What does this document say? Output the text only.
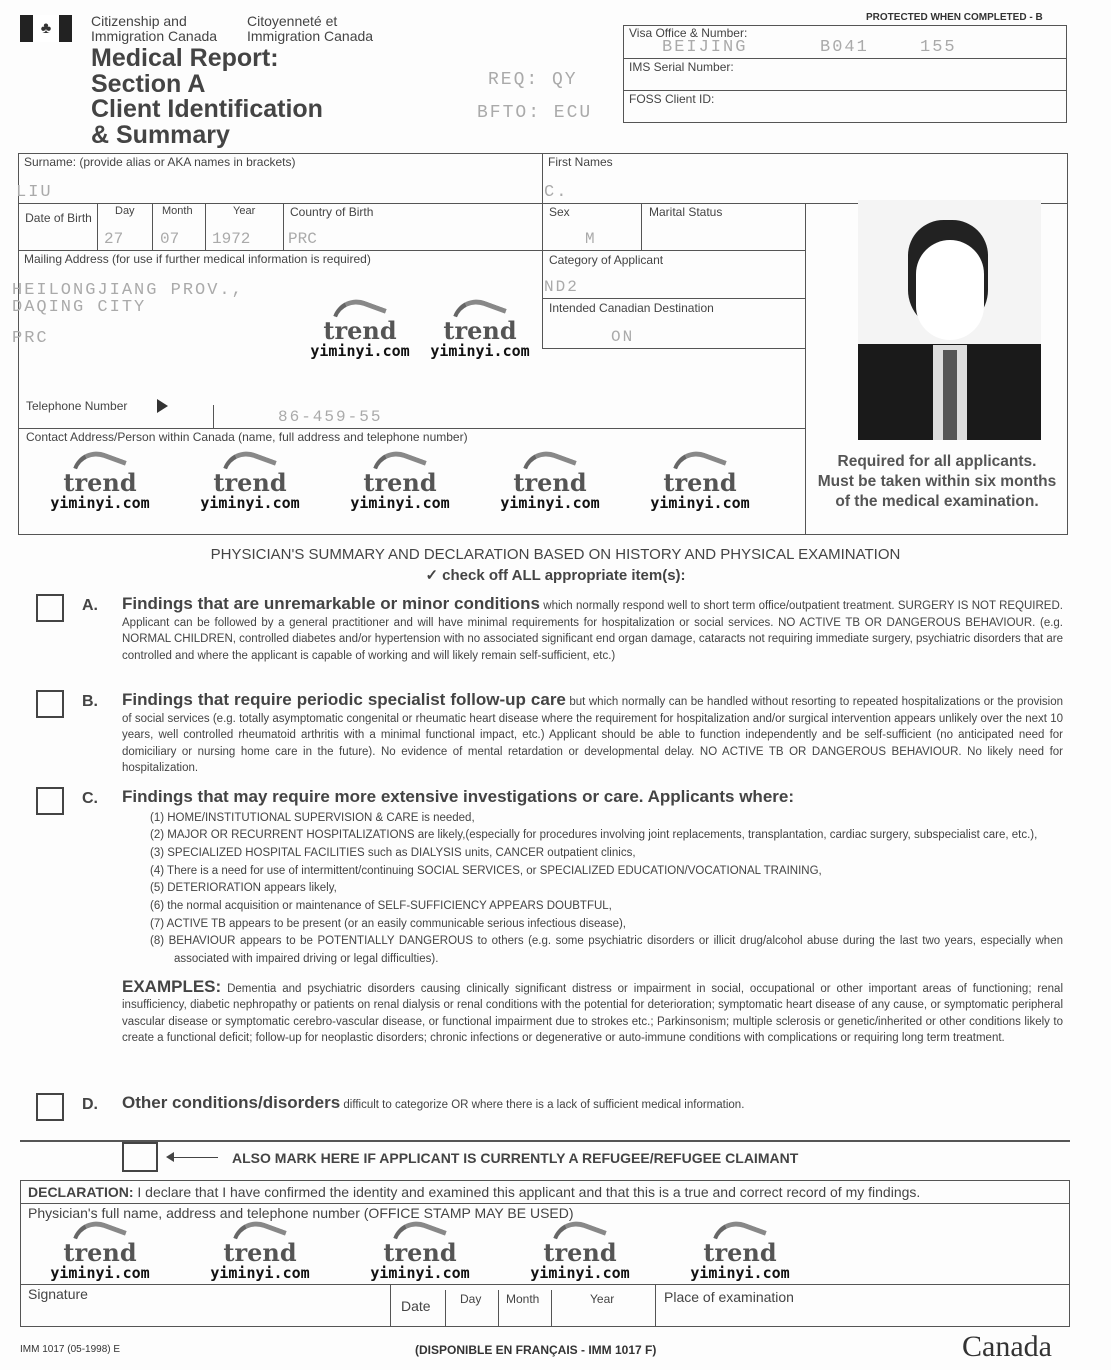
♣	Citizenship and
Immigration Canada
Citoyenneté et
Immigration Canada
Medical Report:
Section A
Client Identification
& Summary
REQ: QY
BFTO: ECU
PROTECTED WHEN COMPLETED - B
Visa Office & Number:
BEIJING	B041	155
IMS Serial Number:
FOSS Client ID:
Surname: (provide alias or AKA names in brackets)
LIU
First Names
C.
Date of Birth	Day Month	Year	Country of Birth
27 07 1972 PRC
Sex
M
Marital Status
Mailing Address (for use if further medical information is required)
HEILONGJIANG PROV.,
DAQING CITY
PRC
Category of Applicant
ND2
Intended Canadian Destination
ON
Telephone Number
86-459-55
Contact Address/Person within Canada (name, full address and telephone number)
Required for all applicants.
Must be taken within six months
of the medical examination.
PHYSICIAN'S SUMMARY AND DECLARATION BASED ON HISTORY AND PHYSICAL EXAMINATION
✓ check off ALL appropriate item(s):
A.	Findings that are unremarkable or minor conditions which normally respond well to short term office/outpatient treatment. SURGERY IS NOT REQUIRED. Applicant can be followed by a general practitioner and will have minimal requirements for hospitalization or social services. NO ACTIVE TB OR DANGEROUS BEHAVIOUR. (e.g. NORMAL CHILDREN, controlled diabetes and/or hypertension with no associated significant end organ damage, cataracts not requiring immediate surgery, psychiatric disorders that are controlled and where the applicant is capable of working and will likely remain self-sufficient, etc.)
B.	Findings that require periodic specialist follow-up care but which normally can be handled without resorting to repeated hospitalizations or the provision of social services (e.g. totally asymptomatic congenital or rheumatic heart disease where the requirement for hospitalization and/or surgical intervention appears unlikely over the next 10 years, well controlled rheumatoid arthritis with a minimal functional impact, etc.) Applicant should be able to function independently and be self-sufficient (no anticipated need for domiciliary or nursing home care in the future). No evidence of mental retardation or developmental delay. NO ACTIVE TB OR DANGEROUS BEHAVIOUR. No likely need for hospitalization.
C.	Findings that may require more extensive investigations or care. Applicants where:
(1) HOME/INSTITUTIONAL SUPERVISION & CARE is needed,
(2) MAJOR OR RECURRENT HOSPITALIZATIONS are likely,(especially for procedures involving joint replacements, transplantation, cardiac surgery, subspecialist care, etc.),
(3) SPECIALIZED HOSPITAL FACILITIES such as DIALYSIS units, CANCER outpatient clinics,
(4) There is a need for use of intermittent/continuing SOCIAL SERVICES, or SPECIALIZED EDUCATION/VOCATIONAL TRAINING,
(5) DETERIORATION appears likely,
(6) the normal acquisition or maintenance of SELF-SUFFICIENCY APPEARS DOUBTFUL,
(7) ACTIVE TB appears to be present (or an easily communicable serious infectious disease),
(8) BEHAVIOUR appears to be POTENTIALLY DANGEROUS to others (e.g. some psychiatric disorders or illicit drug/alcohol abuse during the last two years, especially when associated with impaired driving or legal difficulties).
EXAMPLES: Dementia and psychiatric disorders causing clinically significant distress or impairment in social, occupational or other important areas of functioning; renal insufficiency, diabetic nephropathy or patients on renal dialysis or renal conditions with the potential for deterioration; symptomatic heart disease of any cause, or symptomatic peripheral vascular disease or symptomatic cerebro-vascular disease, or functional impairment due to strokes etc.; Parkinsonism; multiple sclerosis or genetic/inherited or other conditions likely to create a functional deficit; follow-up for neoplastic disorders; chronic infections or degenerative or auto-immune conditions with complications or requiring long term treatment.
D.	Other conditions/disorders difficult to categorize OR where there is a lack of sufficient medical information.
ALSO MARK HERE IF APPLICANT IS CURRENTLY A REFUGEE/REFUGEE CLAIMANT
DECLARATION: I declare that I have confirmed the identity and examined this applicant and that this is a true and correct record of my findings.
Physician's full name, address and telephone number (OFFICE STAMP MAY BE USED)
Signature
Date Day Month	Year	Place of examination
IMM 1017 (05-1998) E	(DISPONIBLE EN FRANÇAIS - IMM 1017 F)	Canada
trend
yiminyi.com
trend
yiminyi.com
trend
yiminyi.com
trend
yiminyi.com
trend
yiminyi.com
trend
yiminyi.com
trend
yiminyi.com
trend
yiminyi.com
trend
yiminyi.com
trend
yiminyi.com
trend
yiminyi.com
trend
yiminyi.com
